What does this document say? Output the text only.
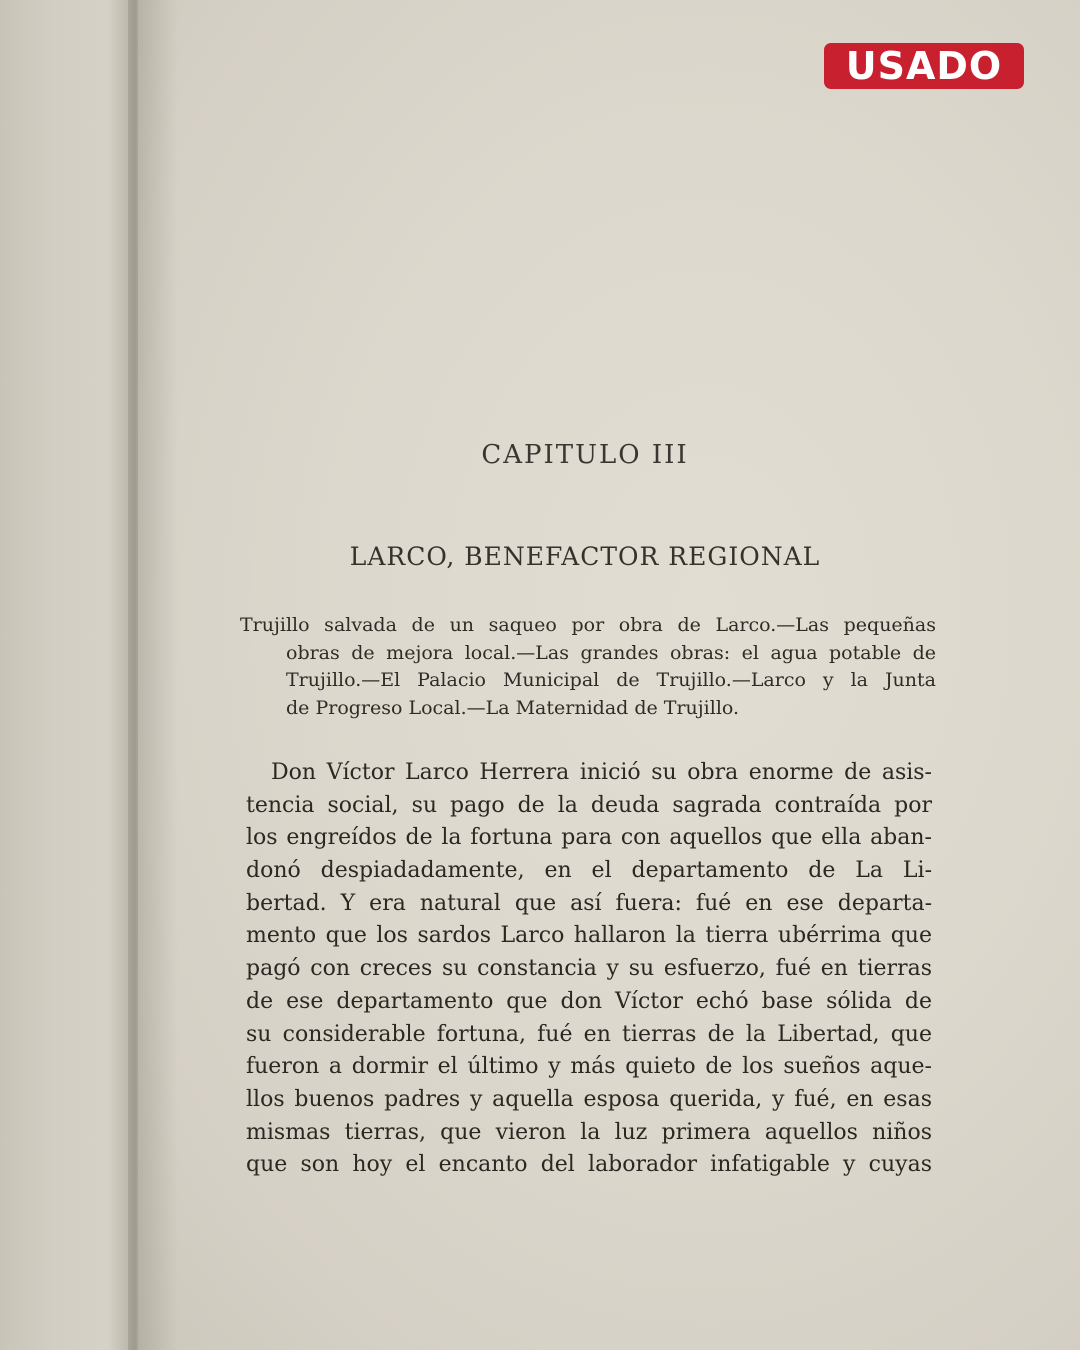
USADO
CAPITULO III
LARCO, BENEFACTOR REGIONAL
Trujillo salvada de un saqueo por obra de Larco.—Las pequeñas
obras de mejora local.—Las grandes obras: el agua potable de
Trujillo.—El Palacio Municipal de Trujillo.—Larco y la Junta
de Progreso Local.—La Maternidad de Trujillo.
Don Víctor Larco Herrera inició su obra enorme de asis-
tencia social, su pago de la deuda sagrada contraída por
los engreídos de la fortuna para con aquellos que ella aban-
donó despiadadamente, en el departamento de La Li-
bertad. Y era natural que así fuera: fué en ese departa-
mento que los sardos Larco hallaron la tierra ubérrima que
pagó con creces su constancia y su esfuerzo, fué en tierras
de ese departamento que don Víctor echó base sólida de
su considerable fortuna, fué en tierras de la Libertad, que
fueron a dormir el último y más quieto de los sueños aque-
llos buenos padres y aquella esposa querida, y fué, en esas
mismas tierras, que vieron la luz primera aquellos niños
que son hoy el encanto del laborador infatigable y cuyas
